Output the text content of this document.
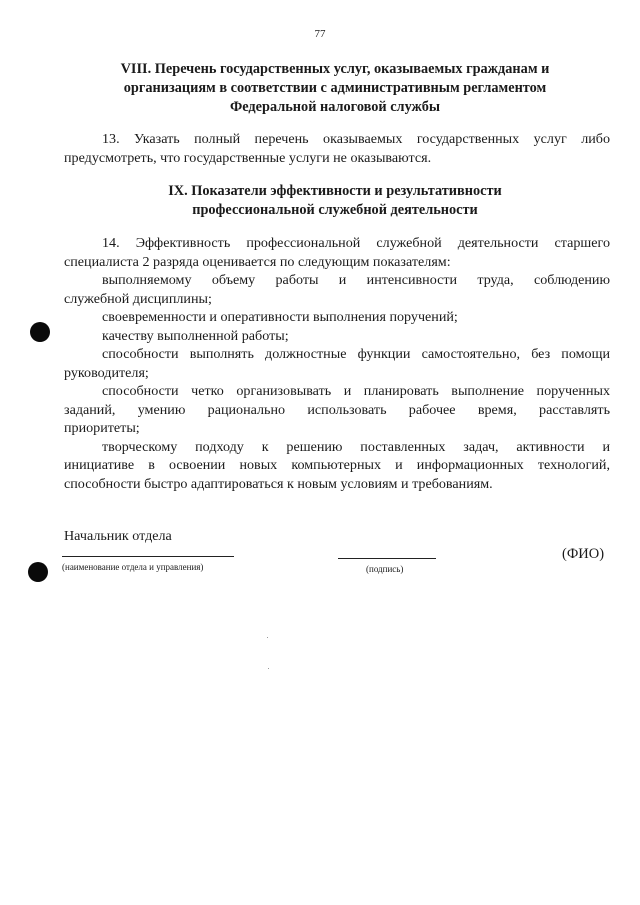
77
VIII. Перечень государственных услуг, оказываемых гражданам и
организациям в соответствии с административным регламентом
Федеральной налоговой службы
13. Указать полный перечень оказываемых государственных услуг либо
предусмотреть, что государственные услуги не оказываются.
IX. Показатели эффективности и результативности
профессиональной служебной деятельности
14. Эффективность профессиональной служебной деятельности старшего
специалиста 2 разряда оценивается по следующим показателям:
выполняемому объему работы и интенсивности труда, соблюдению
служебной дисциплины;
своевременности и оперативности выполнения поручений;
качеству выполненной работы;
способности выполнять должностные функции самостоятельно, без помощи
руководителя;
способности четко организовывать и планировать выполнение порученных
заданий, умению рационально использовать рабочее время, расставлять
приоритеты;
творческому подходу к решению поставленных задач, активности и
инициативе в освоении новых компьютерных и информационных технологий,
способности быстро адаптироваться к новым условиям и требованиям.
Начальник отдела
(наименование отдела и управления)	(подпись)
(ФИО)
